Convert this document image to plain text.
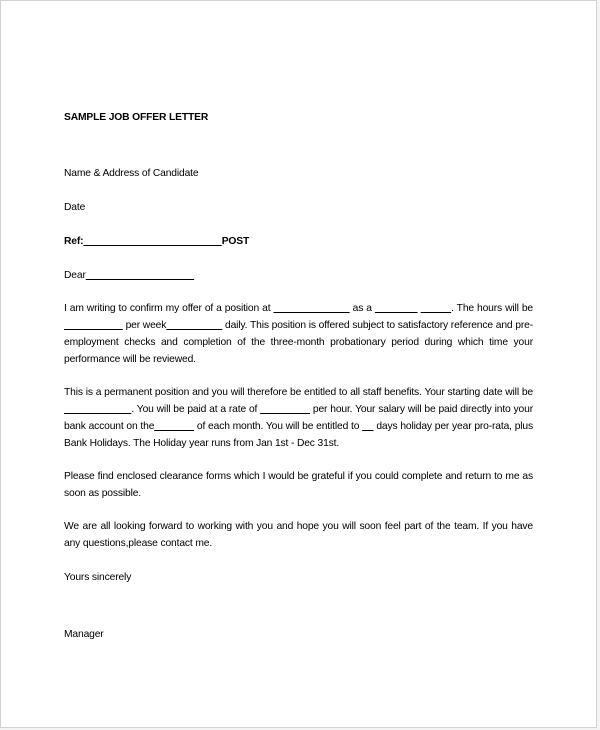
SAMPLE JOB OFFER LETTER

Name & Address of Candidate

Date

Ref:	POST

Dear

I am writing to confirm my offer of a position at	as a	. The hours will be                       per week	daily. This position is offered subject to satisfactory reference and pre-employment checks and completion of the three-month probationary period during which time your performance will be reviewed.

This is a permanent position and you will therefore be entitled to all staff benefits. Your starting date will be                        . You will be paid at a rate of	per hour. Your salary will be paid directly into your bank account on the	of each month. You will be entitled to      days holiday per year pro-rata, plus Bank Holidays. The Holiday year runs from Jan 1st - Dec 31st.

Please find enclosed clearance forms which I would be grateful if you could complete and return to me as soon as possible.

We are all looking forward to working with you and hope you will soon feel part of the team. If you have any questions,please contact me.

Yours sincerely

Manager
